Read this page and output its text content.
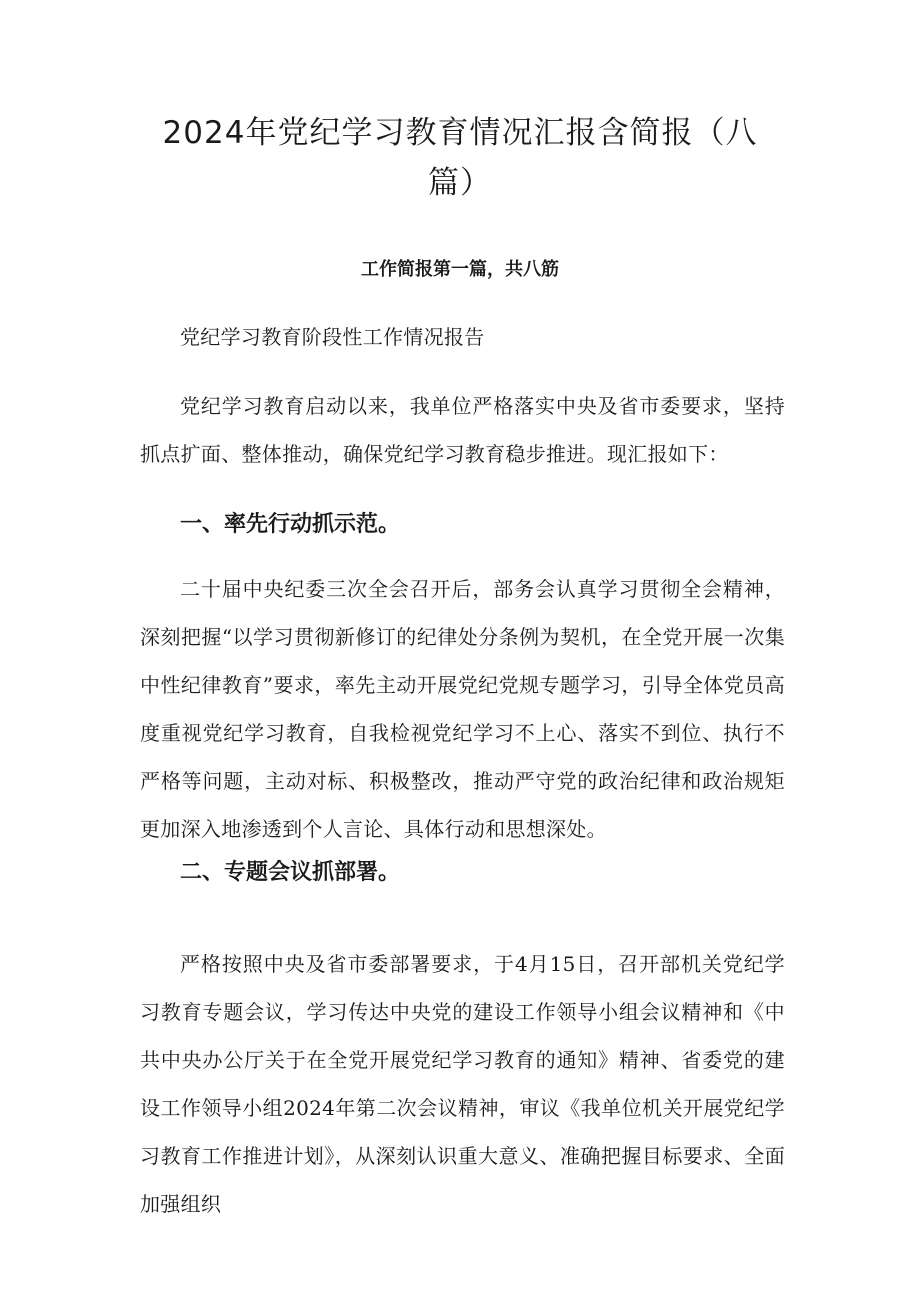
2024年党纪学习教育情况汇报含简报（八篇）

工作简报第一篇，共八筋

党纪学习教育阶段性工作情况报告

党纪学习教育启动以来，我单位严格落实中央及省市委要求，坚持抓点扩面、整体推动，确保党纪学习教育稳步推进。现汇报如下：

一、率先行动抓示范。

二十届中央纪委三次全会召开后，部务会认真学习贯彻全会精神，深刻把握“以学习贯彻新修订的纪律处分条例为契机，在全党开展一次集中性纪律教育”要求，率先主动开展党纪党规专题学习，引导全体党员高度重视党纪学习教育，自我检视党纪学习不上心、落实不到位、执行不严格等问题，主动对标、积极整改，推动严守党的政治纪律和政治规矩更加深入地渗透到个人言论、具体行动和思想深处。

二、专题会议抓部署。

严格按照中央及省市委部署要求，于4月15日，召开部机关党纪学习教育专题会议，学习传达中央党的建设工作领导小组会议精神和《中共中央办公厅关于在全党开展党纪学习教育的通知》精神、省委党的建设工作领导小组2024年第二次会议精神，审议《我单位机关开展党纪学习教育工作推进计划》，从深刻认识重大意义、准确把握目标要求、全面加强组织
